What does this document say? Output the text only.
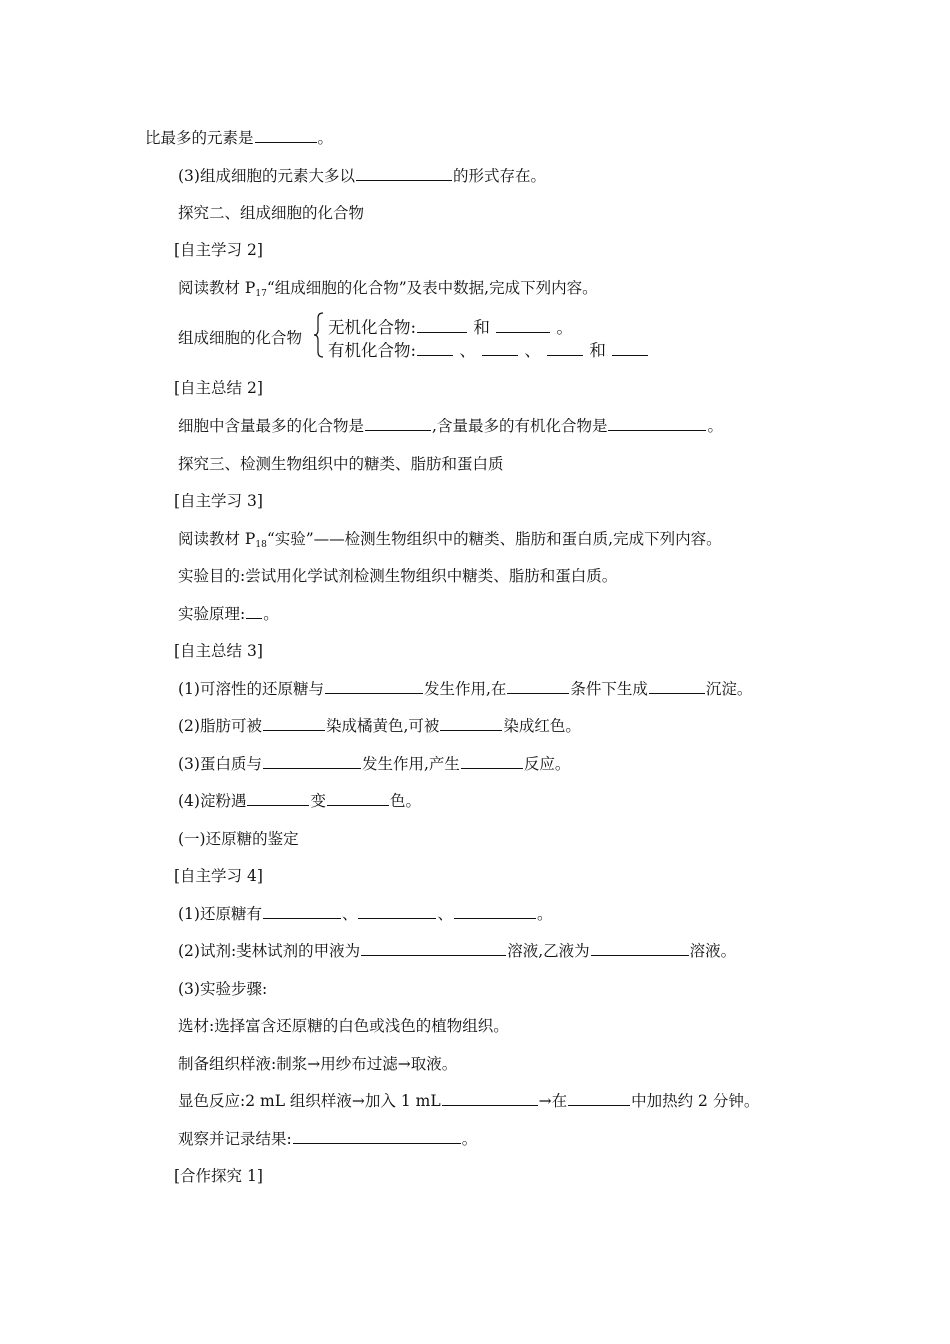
比最多的元素是	。
(3)组成细胞的元素大多以	的形式存在。
探究二、组成细胞的化合物
[自主学习 2]
阅读教材 $P_{17}“$组成细胞的化合物”及表中数据,完成下列内容。
组成细胞的化合物
无机化合物:	和	。
有机化合物:	、	、	和
[自主总结 2]
细胞中含量最多的化合物是	,含量最多的有机化合物是	。
探究三、检测生物组织中的糖类、脂肪和蛋白质
[自主学习 3]
阅读教材 $P_{18}“$实验”——检测生物组织中的糖类、脂肪和蛋白质,完成下列内容。
实验目的:尝试用化学试剂检测生物组织中糖类、脂肪和蛋白质。
实验原理: 。
[自主总结 3]
(1)可溶性的还原糖与	发生作用,在	条件下生成	沉淀。
(2)脂肪可被	染成橘黄色,可被	染成红色。
(3)蛋白质与	发生作用,产生	反应。
(4)淀粉遇	变	色。
(一)还原糖的鉴定
[自主学习 4]
(1)还原糖有	、	、	。
(2)试剂:斐林试剂的甲液为	溶液,乙液为	溶液。
(3)实验步骤:
选材:选择富含还原糖的白色或浅色的植物组织。
制备组织样液:制浆→用纱布过滤→取液。
显色反应:2 mL 组织样液→加入 1 mL	→在	中加热约 2 分钟。
观察并记录结果:	。
[合作探究 1]
